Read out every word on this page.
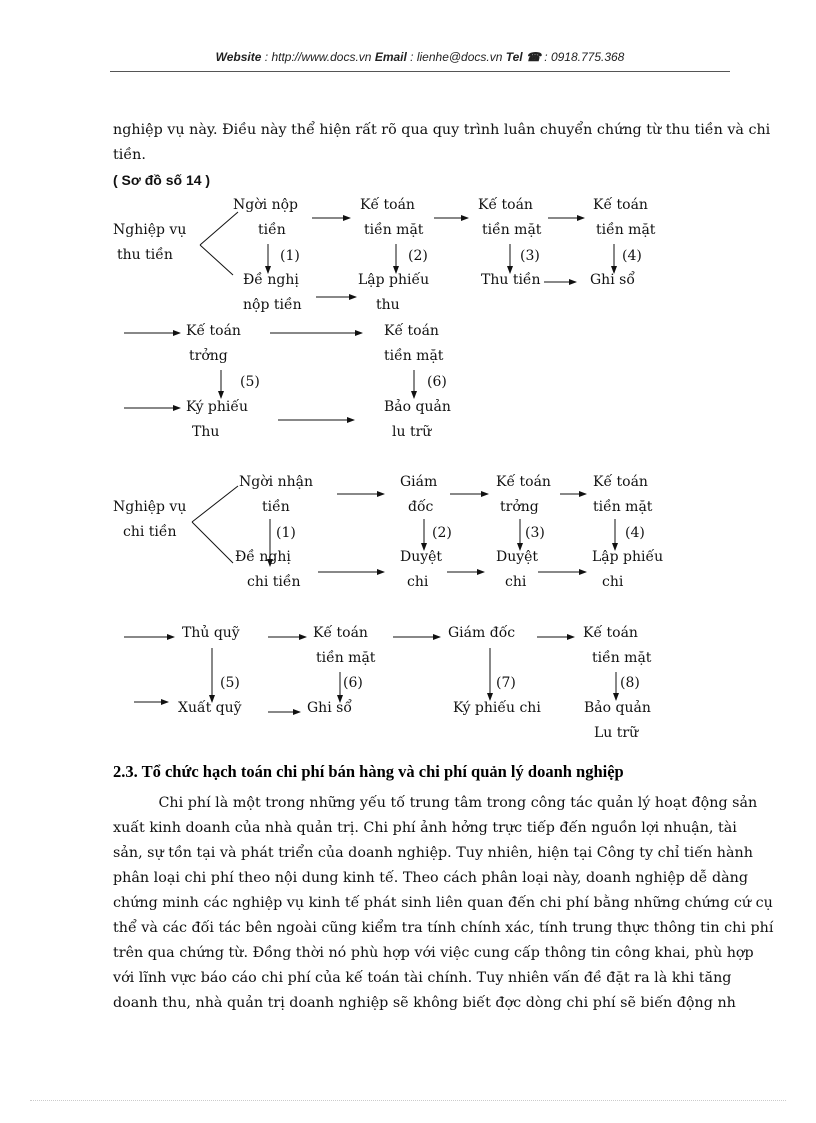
Website : http://www.docs.vn Email : lienhe@docs.vn Tel ☎ : 0918.775.368
nghiệp vụ này. Điều này thể hiện rất rõ qua quy trình luân chuyển chứng từ thu tiền và chi
tiền.
( Sơ đồ số 14 )
Nghiệp vụ
thu tiền
Ngời nộp
tiền
Kế toán
tiền mặt
Kế toán
tiền mặt
Kế toán
tiền mặt
(1)	(2)	(3)	(4)
Đề nghị
nộp tiền
Lập phiếu
thu
Thu tiền	Ghi sổ
Kế toán
trởng
Kế toán
tiền mặt
(5)	(6)
Ký phiếu
Thu
Bảo quản
lu trữ
Nghiệp vụ
chi tiền
Ngời nhận
tiền
Giám
đốc
Kế toán
trởng
Kế toán
tiền mặt
(1)	(2)	(3)	(4)
Đề nghị
chi tiền
Duyệt
chi
Duyệt
chi
Lập phiếu
chi
Thủ quỹ	Kế toán
tiền mặt
Giám đốc	Kế toán
tiền mặt
(5)	(6)	(7)	(8)
Xuất quỹ	Ghi sổ	Ký phiếu chi	Bảo quản
Lu trữ
2.3. Tổ chức hạch toán chi phí bán hàng và chi phí quản lý doanh nghiệp
Chi phí là một trong những yếu tố trung tâm trong công tác quản lý hoạt động sản
xuất kinh doanh của nhà quản trị. Chi phí ảnh hởng trực tiếp đến nguồn lợi nhuận, tài
sản, sự tồn tại và phát triển của doanh nghiệp. Tuy nhiên, hiện tại Công ty chỉ tiến hành
phân loại chi phí theo nội dung kinh tế. Theo cách phân loại này, doanh nghiệp dễ dàng
chứng minh các nghiệp vụ kinh tế phát sinh liên quan đến chi phí bằng những chứng cứ cụ
thể và các đối tác bên ngoài cũng kiểm tra tính chính xác, tính trung thực thông tin chi phí
trên qua chứng từ. Đồng thời nó phù hợp với việc cung cấp thông tin công khai, phù hợp
với lĩnh vực báo cáo chi phí của kế toán tài chính. Tuy nhiên vấn đề đặt ra là khi tăng
doanh thu, nhà quản trị doanh nghiệp sẽ không biết đợc dòng chi phí sẽ biến động nh
